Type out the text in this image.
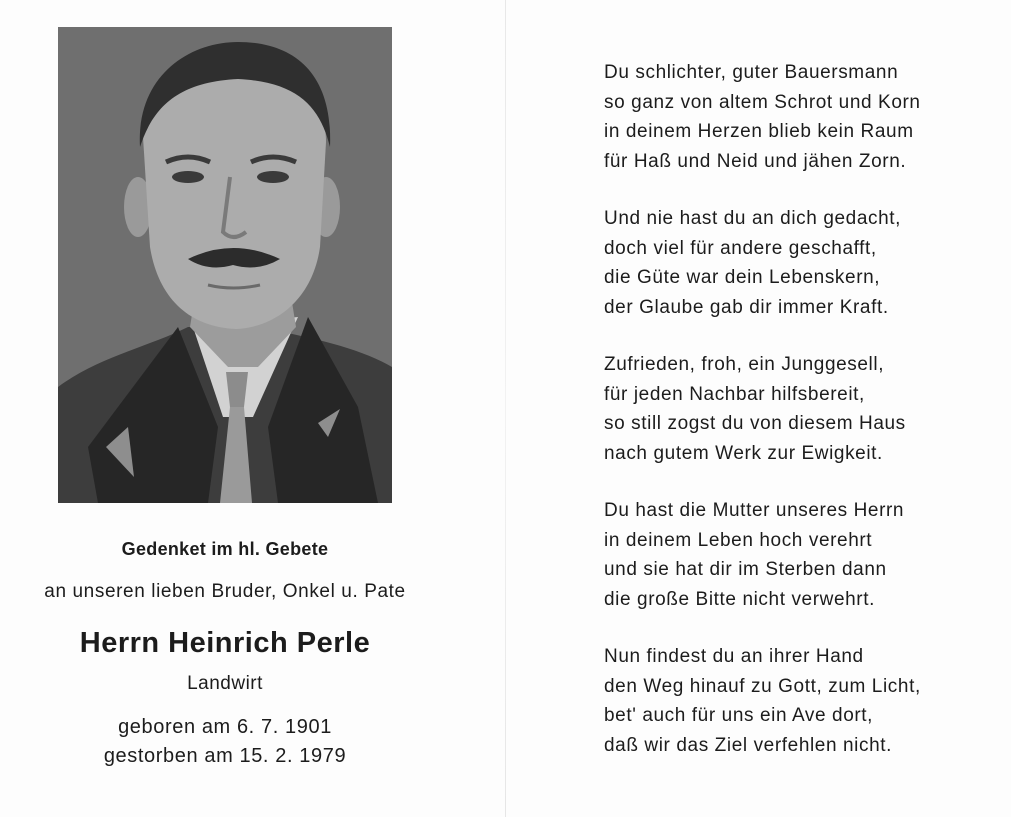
Gedenket im hl. Gebete
an unseren lieben Bruder, Onkel u. Pate
Herrn Heinrich Perle
Landwirt
geboren am 6. 7. 1901
gestorben am 15. 2. 1979
Du schlichter, guter Bauersmann
so ganz von altem Schrot und Korn
in deinem Herzen blieb kein Raum
für Haß und Neid und jähen Zorn.
Und nie hast du an dich gedacht,
doch viel für andere geschafft,
die Güte war dein Lebenskern,
der Glaube gab dir immer Kraft.
Zufrieden, froh, ein Junggesell,
für jeden Nachbar hilfsbereit,
so still zogst du von diesem Haus
nach gutem Werk zur Ewigkeit.
Du hast die Mutter unseres Herrn
in deinem Leben hoch verehrt
und sie hat dir im Sterben dann
die große Bitte nicht verwehrt.
Nun findest du an ihrer Hand
den Weg hinauf zu Gott, zum Licht,
bet' auch für uns ein Ave dort,
daß wir das Ziel verfehlen nicht.
